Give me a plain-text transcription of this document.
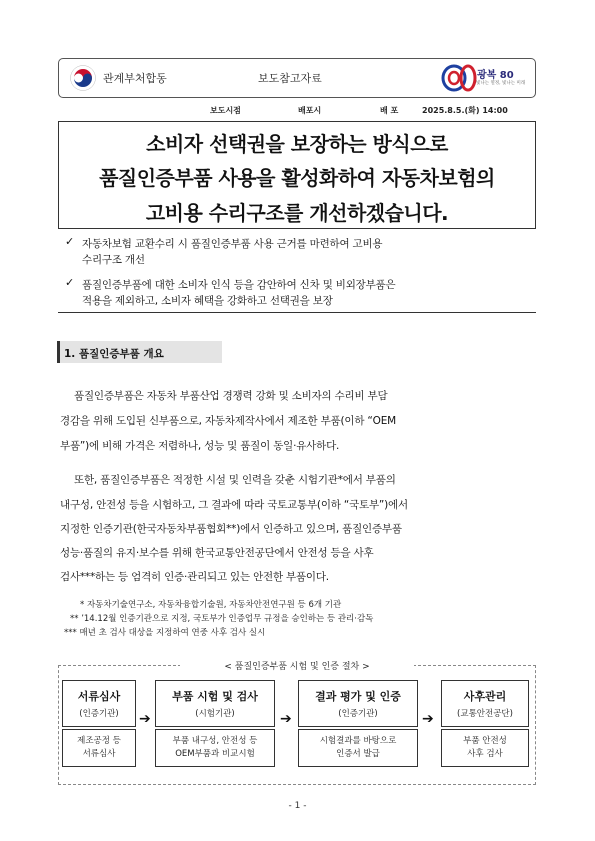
관계부처합동	보도참고자료	광복 80
빛나는 열정, 빛나는 미래
보도시점	배포시	배 포	2025.8.5.(화) 14:00
소비자 선택권을 보장하는 방식으로
품질인증부품 사용을 활성화하여 자동차보험의
고비용 수리구조를 개선하겠습니다.
✓ 자동차보험 교환수리 시 품질인증부품 사용 근거를 마련하여 고비용
수리구조 개선
✓ 품질인증부품에 대한 소비자 인식 등을 감안하여 신차 및 비외장부품은
적용을 제외하고, 소비자 혜택을 강화하고 선택권을 보장
1. 품질인증부품 개요
품질인증부품은 자동차 부품산업 경쟁력 강화 및 소비자의 수리비 부담
경감을 위해 도입된 신부품으로, 자동차제작사에서 제조한 부품(이하 “OEM
부품”)에 비해 가격은 저렴하나, 성능 및 품질이 동일·유사하다.
또한, 품질인증부품은 적정한 시설 및 인력을 갖춘 시험기관*에서 부품의
내구성, 안전성 등을 시험하고, 그 결과에 따라 국토교통부(이하 “국토부”)에서
지정한 인증기관(한국자동차부품협회**)에서 인증하고 있으며, 품질인증부품
성능·품질의 유지·보수를 위해 한국교통안전공단에서 안전성 등을 사후
검사***하는 등 엄격히 인증·관리되고 있는 안전한 부품이다.
* 자동차기술연구소, 자동차융합기술원, 자동차안전연구원 등 6개 기관
** ’14.12월 인증기관으로 지정, 국토부가 인증업무 규정을 승인하는 등 관리·감독
*** 매년 초 검사 대상을 지정하여 연중 사후 검사 실시
< 품질인증부품 시험 및 인증 절차 >
서류심사
(인증기관)
제조공정 등
서류심사
➔
부품 시험 및 검사
(시험기관)
부품 내구성, 안전성 등
OEM부품과 비교시험
➔
결과 평가 및 인증
(인증기관)
시험결과를 바탕으로
인증서 발급
➔
사후관리
(교통안전공단)
부품 안전성
사후 검사
- 1 -
